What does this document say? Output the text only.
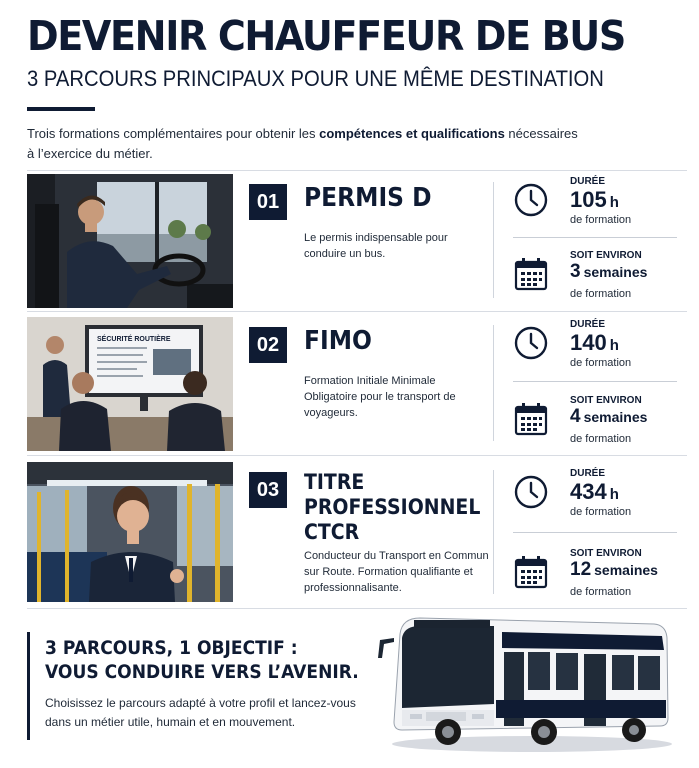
DEVENIR CHAUFFEUR DE BUS
3 PARCOURS PRINCIPAUX POUR UNE MÊME DESTINATION

Trois formations complémentaires pour obtenir les compétences et qualifications nécessaires à l’exercice du métier.

01 PERMIS D
Le permis indispensable pour conduire un bus.
DURÉE
105 h
de formation
SOIT ENVIRON
3 semaines
de formation
SÉCURITÉ ROUTIÈRE	02 FIMO
Formation Initiale Minimale Obligatoire pour le transport de voyageurs.
DURÉE
140 h
de formation
SOIT ENVIRON
4 semaines
de formation
03	TITRE
PROFESSIONNEL
CTCR
Conducteur du Transport en Commun sur Route. Formation qualifiante et professionnalisante.
DURÉE
434 h
de formation
SOIT ENVIRON
12 semaines
de formation
3 PARCOURS, 1 OBJECTIF :
VOUS CONDUIRE VERS L’AVENIR.

Choisissez le parcours adapté à votre profil et lancez-vous dans un métier utile, humain et en mouvement.
